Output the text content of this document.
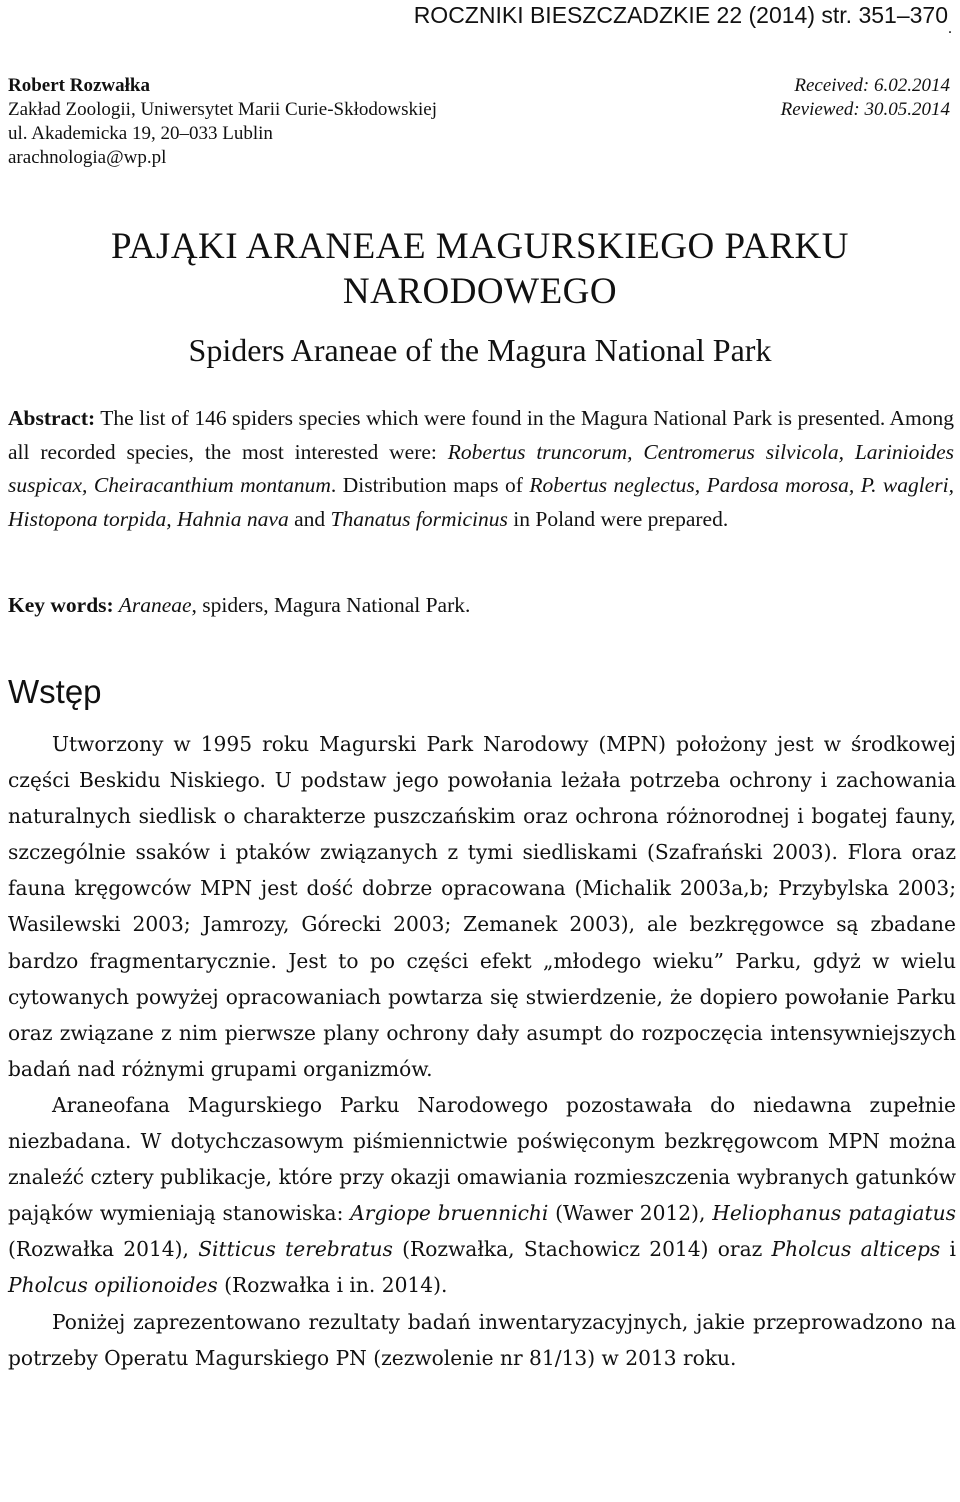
ROCZNIKI BIESZCZADZKIE 22 (2014) str. 351–370
.
Robert Rozwałka
Zakład Zoologii, Uniwersytet Marii Curie-Skłodowskiej
ul. Akademicka 19, 20–033 Lublin
arachnologia@wp.pl
Received: 6.02.2014
Reviewed: 30.05.2014
PAJĄKI ARANEAE MAGURSKIEGO PARKU
NARODOWEGO
Spiders Araneae of the Magura National Park
Abstract: The list of 146 spiders species which were found in the Magura National Park is presented. Among all recorded species, the most interested were: Robertus truncorum, Centromerus silvicola, Larinioides suspicax, Cheiracanthium montanum. Distribution maps of Robertus neglectus, Pardosa morosa, P. wagleri, Histopona torpida, Hahnia nava and Thanatus formicinus in Poland were prepared.
Key words: Araneae, spiders, Magura National Park.
Wstęp

Utworzony w 1995 roku Magurski Park Narodowy (MPN) położony jest w środkowej części Beskidu Niskiego. U podstaw jego powołania leżała potrzeba ochrony i zachowania naturalnych siedlisk o charakterze puszczańskim oraz ochrona różnorodnej i bogatej fauny, szczególnie ssaków i ptaków związanych z tymi siedliskami (Szafrański 2003). Flora oraz fauna kręgowców MPN jest dość dobrze opracowana (Michalik 2003a,b; Przybylska 2003; Wasilewski 2003; Jamrozy, Górecki 2003; Zemanek 2003), ale bezkręgowce są zbadane bardzo fragmentarycznie. Jest to po części efekt „młodego wieku” Parku, gdyż w wielu cytowanych powyżej opracowaniach powtarza się stwierdzenie, że dopiero powołanie Parku oraz związane z nim pierwsze plany ochrony dały asumpt do rozpoczęcia intensywniejszych badań nad różnymi grupami organizmów.

Araneofana Magurskiego Parku Narodowego pozostawała do niedawna zupełnie niezbadana. W dotychczasowym piśmiennictwie poświęconym bezkręgowcom MPN można znaleźć cztery publikacje, które przy okazji omawiania rozmieszczenia wybranych gatunków pająków wymieniają stanowiska: Argiope bruennichi (Wawer 2012), Heliophanus patagiatus (Rozwałka 2014), Sitticus terebratus (Rozwałka, Stachowicz 2014) oraz Pholcus alticeps i Pholcus opilionoides (Rozwałka i in. 2014).

Poniżej zaprezentowano rezultaty badań inwentaryzacyjnych, jakie przeprowadzono na potrzeby Operatu Magurskiego PN (zezwolenie nr 81/13) w 2013 roku.
